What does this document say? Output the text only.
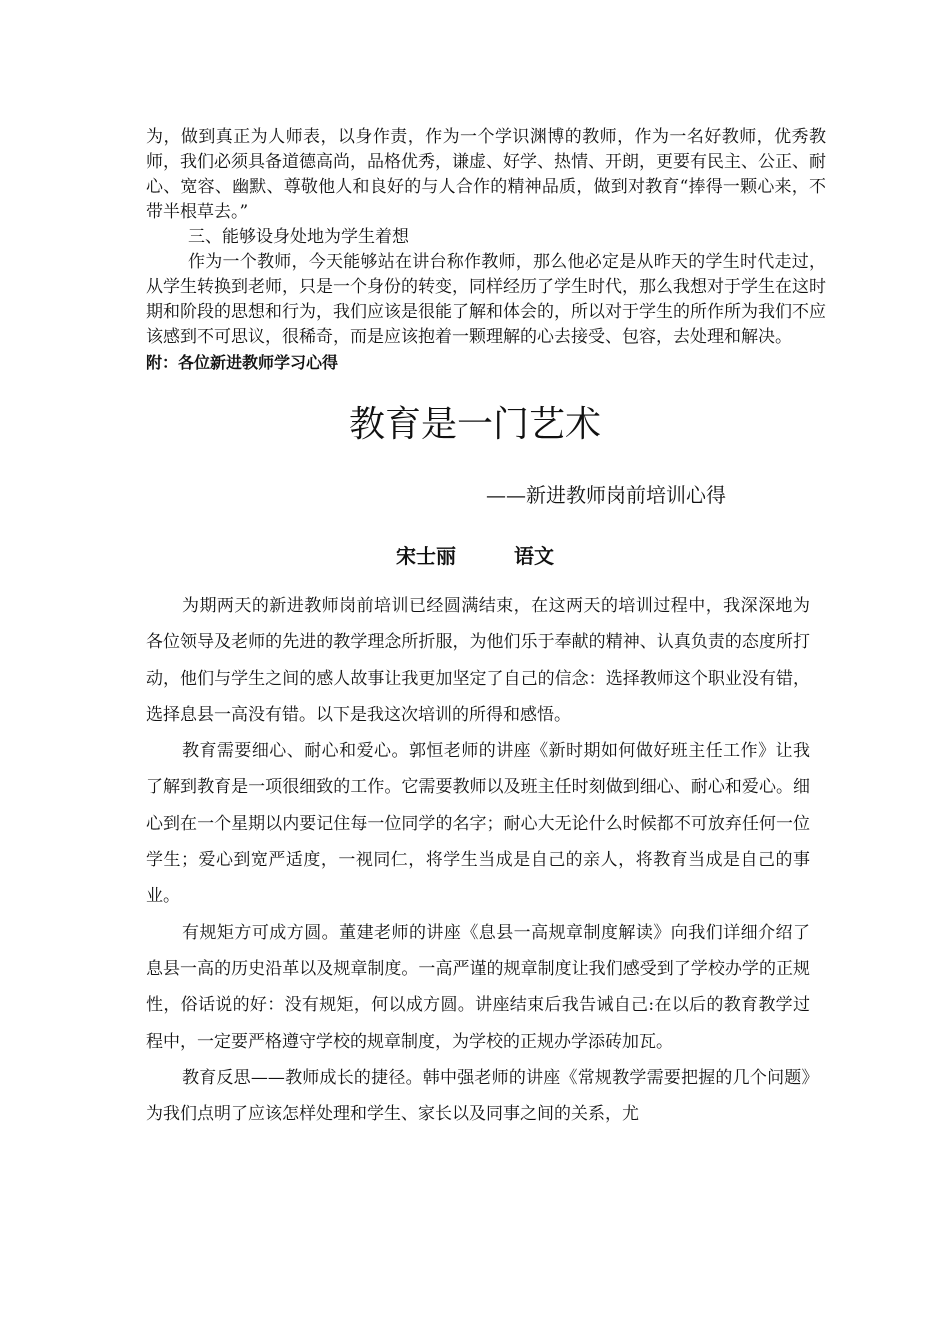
为，做到真正为人师表，以身作责，作为一个学识渊博的教师，作为一名好教师，优秀教师，我们必须具备道德高尚，品格优秀，谦虚、好学、热情、开朗，更要有民主、公正、耐心、宽容、幽默、尊敬他人和良好的与人合作的精神品质，做到对教育“捧得一颗心来，不带半根草去。”

三、能够设身处地为学生着想

作为一个教师，今天能够站在讲台称作教师，那么他必定是从昨天的学生时代走过，从学生转换到老师，只是一个身份的转变，同样经历了学生时代，那么我想对于学生在这时期和阶段的思想和行为，我们应该是很能了解和体会的，所以对于学生的所作所为我们不应该感到不可思议，很稀奇，而是应该抱着一颗理解的心去接受、包容，去处理和解决。

附：各位新进教师学习心得

教育是一门艺术

——新进教师岗前培训心得

宋士丽	语文

为期两天的新进教师岗前培训已经圆满结束，在这两天的培训过程中，我深深地为各位领导及老师的先进的教学理念所折服，为他们乐于奉献的精神、认真负责的态度所打动，他们与学生之间的感人故事让我更加坚定了自己的信念：选择教师这个职业没有错，选择息县一高没有错。以下是我这次培训的所得和感悟。

教育需要细心、耐心和爱心。郭恒老师的讲座《新时期如何做好班主任工作》让我了解到教育是一项很细致的工作。它需要教师以及班主任时刻做到细心、耐心和爱心。细心到在一个星期以内要记住每一位同学的名字；耐心大无论什么时候都不可放弃任何一位学生；爱心到宽严适度，一视同仁，将学生当成是自己的亲人，将教育当成是自己的事业。

有规矩方可成方圆。董建老师的讲座《息县一高规章制度解读》向我们详细介绍了息县一高的历史沿革以及规章制度。一高严谨的规章制度让我们感受到了学校办学的正规性，俗话说的好：没有规矩，何以成方圆。讲座结束后我告诫自己:在以后的教育教学过程中，一定要严格遵守学校的规章制度，为学校的正规办学添砖加瓦。

教育反思——教师成长的捷径。韩中强老师的讲座《常规教学需要把握的几个问题》为我们点明了应该怎样处理和学生、家长以及同事之间的关系，尤
